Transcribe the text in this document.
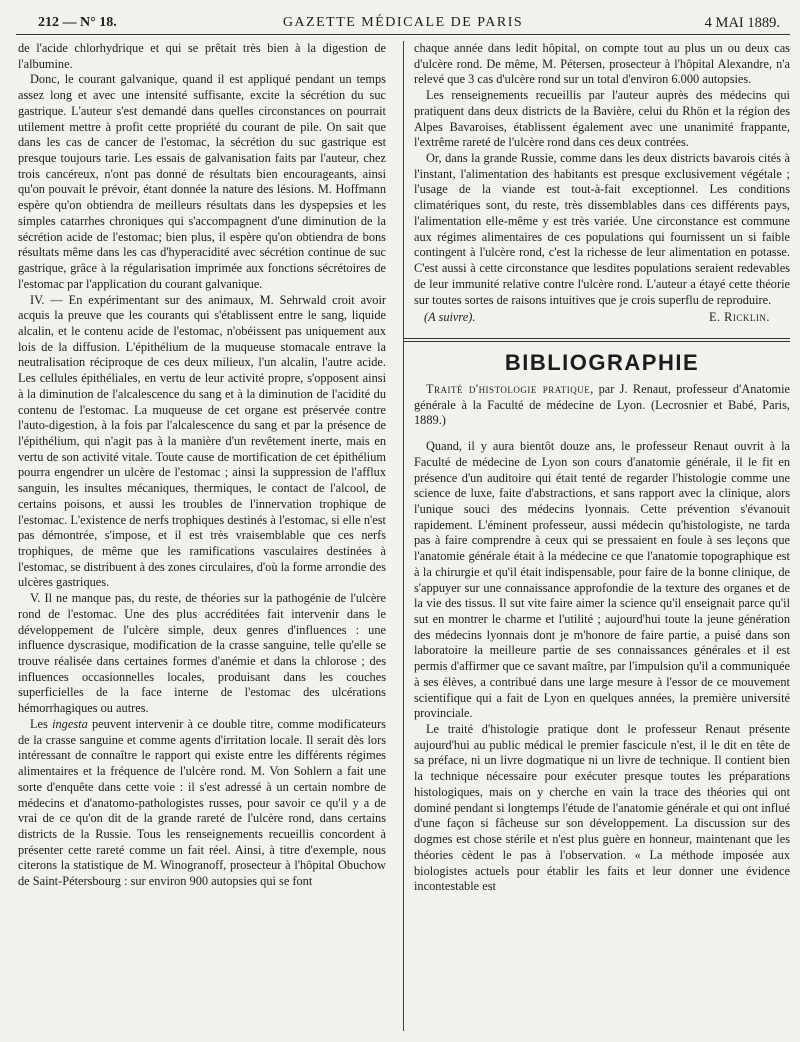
212 — N° 18.	GAZETTE MÉDICALE DE PARIS	4 MAI 1889.

de l'acide chlorhydrique et qui se prêtait très bien à la digestion de l'albumine.

Donc, le courant galvanique, quand il est appliqué pendant un temps assez long et avec une intensité suffisante, excite la sécrétion du suc gastrique. L'auteur s'est demandé dans quelles circonstances on pourrait utilement mettre à profit cette propriété du courant de pile. On sait que dans les cas de cancer de l'estomac, la sécrétion du suc gastrique est presque toujours tarie. Les essais de galvanisation faits par l'auteur, chez trois cancéreux, n'ont pas donné de résultats bien encourageants, ainsi qu'on pouvait le prévoir, étant donnée la nature des lésions. M. Hoffmann espère qu'on obtiendra de meilleurs résultats dans les dyspepsies et les simples catarrhes chroniques qui s'accompagnent d'une diminution de la sécrétion acide de l'estomac; bien plus, il espère qu'on obtiendra de bons résultats même dans les cas d'hyperacidité avec sécrétion continue de suc gastrique, grâce à la régularisation imprimée aux fonctions sécrétoires de l'estomac par l'application du courant galvanique.

IV. — En expérimentant sur des animaux, M. Sehrwald croit avoir acquis la preuve que les courants qui s'établissent entre le sang, liquide alcalin, et le contenu acide de l'estomac, n'obéissent pas uniquement aux lois de la diffusion. L'épithélium de la muqueuse stomacale entrave la neutralisation réciproque de ces deux milieux, l'un alcalin, l'autre acide. Les cellules épithéliales, en vertu de leur activité propre, s'opposent ainsi à la diminution de l'alcalescence du sang et à la diminution de l'acidité du contenu de l'estomac. La muqueuse de cet organe est préservée contre l'auto-digestion, à la fois par l'alcalescence du sang et par la présence de l'épithélium, qui n'agit pas à la manière d'un revêtement inerte, mais en vertu de son activité vitale. Toute cause de mortification de cet épithélium pourra engendrer un ulcère de l'estomac ; ainsi la suppression de l'afflux sanguin, les insultes mécaniques, thermiques, le contact de l'alcool, de certains poisons, et aussi les troubles de l'innervation trophique de l'estomac. L'existence de nerfs trophiques destinés à l'estomac, si elle n'est pas démontrée, s'impose, et il est très vraisemblable que ces nerfs trophiques, de même que les ramifications vasculaires destinées à l'estomac, se distribuent à des zones circulaires, d'où la forme arrondie des ulcères gastriques.

V. Il ne manque pas, du reste, de théories sur la pathogénie de l'ulcère rond de l'estomac. Une des plus accréditées fait intervenir dans le développement de l'ulcère simple, deux genres d'influences : une influence dyscrasique, modification de la crasse sanguine, telle qu'elle se trouve réalisée dans certaines formes d'anémie et dans la chlorose ; des influences occasionnelles locales, produisant dans les couches superficielles de la face interne de l'estomac des ulcérations hémorrhagiques ou autres.

Les ingesta peuvent intervenir à ce double titre, comme modificateurs de la crasse sanguine et comme agents d'irritation locale. Il serait dès lors intéressant de connaître le rapport qui existe entre les différents régimes alimentaires et la fréquence de l'ulcère rond. M. Von Sohlern a fait une sorte d'enquête dans cette voie : il s'est adressé à un certain nombre de médecins et d'anatomo-pathologistes russes, pour savoir ce qu'il y a de vrai de ce qu'on dit de la grande rareté de l'ulcère rond, dans certains districts de la Russie. Tous les renseignements recueillis concordent à présenter cette rareté comme un fait réel. Ainsi, à titre d'exemple, nous citerons la statistique de M. Winogranoff, prosecteur à l'hôpital Obuchow de Saint-Pétersbourg : sur environ 900 autopsies qui se font

chaque année dans ledit hôpital, on compte tout au plus un ou deux cas d'ulcère rond. De même, M. Pétersen, prosecteur à l'hôpital Alexandre, n'a relevé que 3 cas d'ulcère rond sur un total d'environ 6.000 autopsies.

Les renseignements recueillis par l'auteur auprès des médecins qui pratiquent dans deux districts de la Bavière, celui du Rhön et la région des Alpes Bavaroises, établissent également avec une unanimité frappante, l'extrême rareté de l'ulcère rond dans ces deux contrées.

Or, dans la grande Russie, comme dans les deux districts bavarois cités à l'instant, l'alimentation des habitants est presque exclusivement végétale ; l'usage de la viande est tout-à-fait exceptionnel. Les conditions climatériques sont, du reste, très dissemblables dans ces différents pays, l'alimentation elle-même y est très variée. Une circonstance est commune aux régimes alimentaires de ces populations qui fournissent un si faible contingent à l'ulcère rond, c'est la richesse de leur alimentation en potasse. C'est aussi à cette circonstance que lesdites populations seraient redevables de leur immunité relative contre l'ulcère rond. L'auteur a étayé cette théorie sur toutes sortes de raisons intuitives que je crois superflu de reproduire.

(A suivre).	E. Ricklin.
BIBLIOGRAPHIE

Traité d'histologie pratique, par J. Renaut, professeur d'Anatomie générale à la Faculté de médecine de Lyon. (Lecrosnier et Babé, Paris, 1889.)

Quand, il y aura bientôt douze ans, le professeur Renaut ouvrit à la Faculté de médecine de Lyon son cours d'anatomie générale, il le fit en présence d'un auditoire qui était tenté de regarder l'histologie comme une science de luxe, faite d'abstractions, et sans rapport avec la clinique, alors l'unique souci des médecins lyonnais. Cette prévention s'évanouit rapidement. L'éminent professeur, aussi médecin qu'histologiste, ne tarda pas à faire comprendre à ceux qui se pressaient en foule à ses leçons que l'anatomie générale était à la médecine ce que l'anatomie topographique est à la chirurgie et qu'il était indispensable, pour faire de la bonne clinique, de s'appuyer sur une connaissance approfondie de la texture des organes et de la vie des tissus. Il sut vite faire aimer la science qu'il enseignait parce qu'il sut en montrer le charme et l'utilité ; aujourd'hui toute la jeune génération des médecins lyonnais dont je m'honore de faire partie, a puisé dans son laboratoire la meilleure partie de ses connaissances générales et il est permis d'affirmer que ce savant maître, par l'impulsion qu'il a communiquée à ses élèves, a contribué dans une large mesure à l'essor de ce mouvement scientifique qui a fait de Lyon en quelques années, la première université provinciale.

Le traité d'histologie pratique dont le professeur Renaut présente aujourd'hui au public médical le premier fascicule n'est, il le dit en tête de sa préface, ni un livre dogmatique ni un livre de technique. Il contient bien la technique nécessaire pour exécuter presque toutes les préparations histologiques, mais on y cherche en vain la trace des théories qui ont dominé pendant si longtemps l'étude de l'anatomie générale et qui ont influé d'une façon si fâcheuse sur son développement. La discussion sur des dogmes est chose stérile et n'est plus guère en honneur, maintenant que les théories cèdent le pas à l'observation. « La méthode imposée aux biologistes actuels pour établir les faits et leur donner une évidence incontestable est
